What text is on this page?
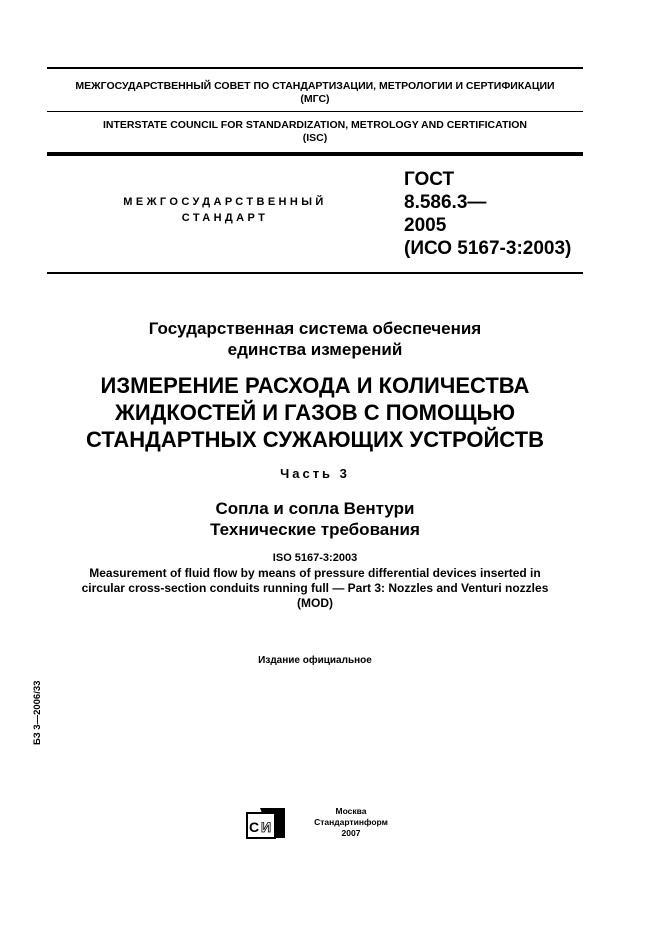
МЕЖГОСУДАРСТВЕННЫЙ СОВЕТ ПО СТАНДАРТИЗАЦИИ, МЕТРОЛОГИИ И СЕРТИФИКАЦИИ
(МГС)
INTERSTATE COUNCIL FOR STANDARDIZATION, METROLOGY AND CERTIFICATION
(ISC)
МЕЖГОСУДАРСТВЕННЫЙ
СТАНДАРТ
ГОСТ
8.586.3—
2005
(ИСО 5167-3:2003)
Государственная система обеспечения
единства измерений
ИЗМЕРЕНИЕ РАСХОДА И КОЛИЧЕСТВА
ЖИДКОСТЕЙ И ГАЗОВ С ПОМОЩЬЮ
СТАНДАРТНЫХ СУЖАЮЩИХ УСТРОЙСТВ
Часть 3
Сопла и сопла Вентури
Технические требования
ISO 5167-3:2003
Measurement of fluid flow by means of pressure differential devices inserted in
circular cross-section conduits running full — Part 3: Nozzles and Venturi nozzles
(MOD)
Издание официальное
БЗ 3—2006/33
С И
Москва
Стандартинформ
2007
